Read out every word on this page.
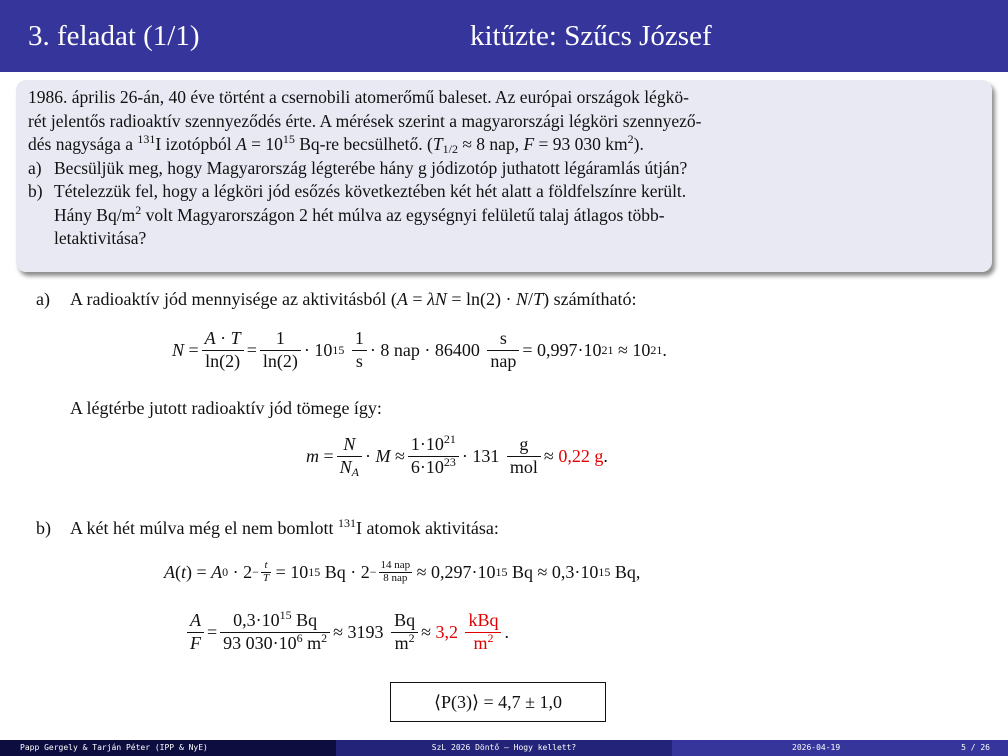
3. feladat (1/1)	kitűzte: Szűcs József
1986. április 26-án, 40 éve történt a csernobili atomerőmű baleset. Az európai országok légkö-
rét jelentős radioaktív szennyeződés érte. A mérések szerint a magyarországi légköri szennyező-
dés nagysága a $^{131}$I izotópból $A = 10^{15}$ Bq-re becsülhető. ($T_{1/2} \approx 8$ nap, F = 93 030 $km^2$).
a) Becsüljük meg, hogy Magyarország légterébe hány g jódizotóp juthatott légáramlás útján?
b) Tételezzük fel, hogy a légköri jód esőzés következtében két hét alatt a földfelszínre került.
Hány $Bq/m^2$ volt Magyarországon 2 hét múlva az egységnyi felületű talaj átlagos több-
letaktivitása?
a) A radioaktív jód mennyisége az aktivitásból (A = λN = ln(2) · N/T) számítható:
$N = \frac{A \cdot T}{\ln(2)} = \frac{1}{\ln(2)} \cdot 10$ 15
$\frac{1}{s} \cdot 8$ nap · $86400 \frac{s}{\text{nap}} = 0,997\cdot 10$ 21 ≈ 10 21 .
A légtérbe jutott radioaktív jód tömege így:
$m = \frac{N}{N_A} \cdot M \approx \frac{1\cdot 10^{21}}{6\cdot 10^{23}} \cdot 131 \frac{g}{\text{mol}} \approx 0,22$ g .
b) A két hét múlva még el nem bomlott $^{131}$I atomok aktivitása:
A ( t ) = A $0 \cdot 2 - \frac{t}{T} = 10$ 15 Bq · 2 −
14 nap
8 nap ≈ 0,297·10 15 Bq ≈ 0,3·10 15 Bq,
$\frac{A}{F} = \frac{0,3\cdot 10^{15} Bq}{93 030\cdot 10^6 m^2} \approx 3193 \frac{Bq}{m^2} \approx 3,2$
$\frac{\text{kBq}}{m^2}$ .
⟨P(3)⟩ = 4,7 ± 1,0
Papp Gergely & Tarján Péter (IPP & NyE)	SzL 2026 Döntő – Hogy kellett?	2026-04-19	5 / 26
